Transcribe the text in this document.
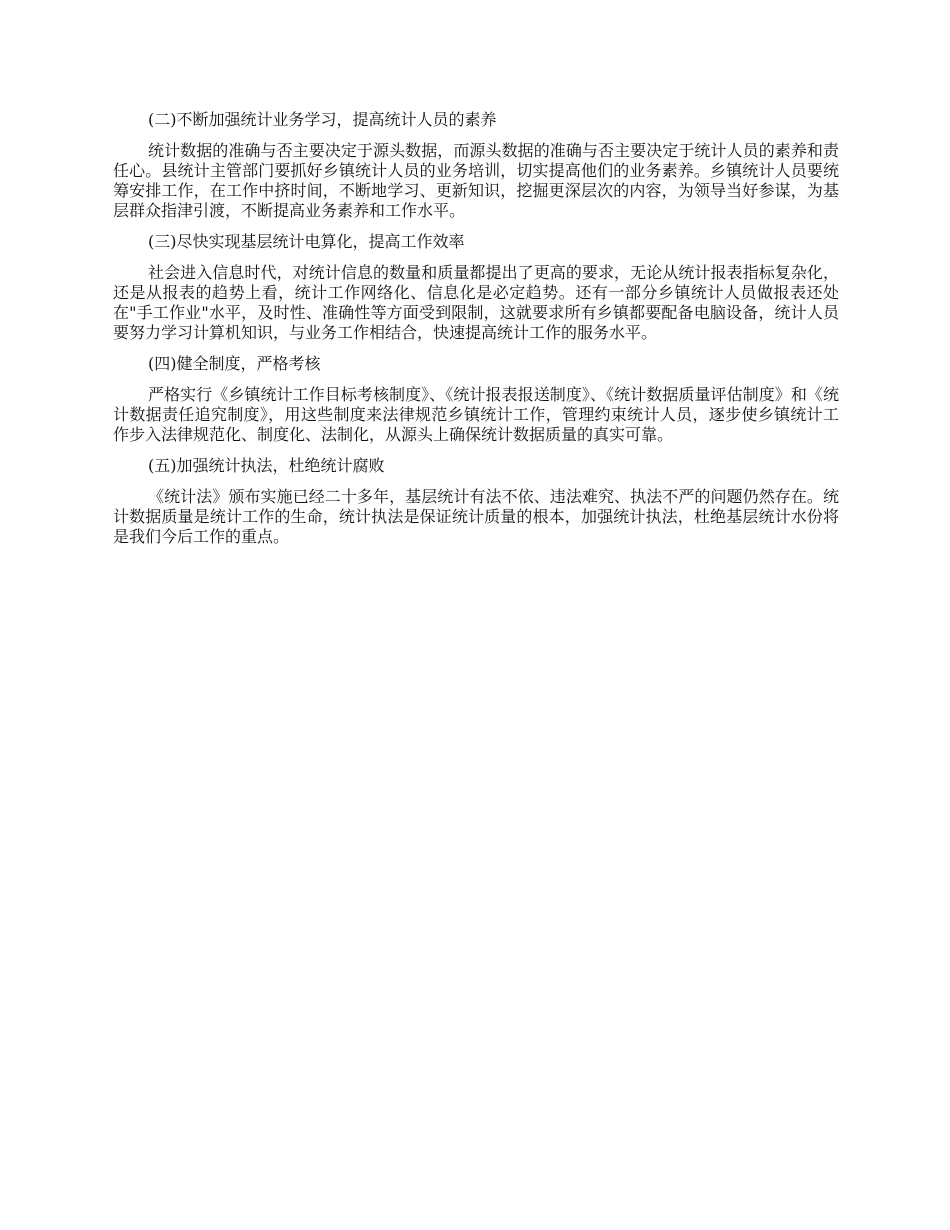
(二)不断加强统计业务学习，提高统计人员的素养

统计数据的准确与否主要决定于源头数据，而源头数据的准确与否主要决定于统计人员的素养和责任心。县统计主管部门要抓好乡镇统计人员的业务培训，切实提高他们的业务素养。乡镇统计人员要统筹安排工作，在工作中挤时间，不断地学习、更新知识，挖掘更深层次的内容，为领导当好参谋，为基层群众指津引渡，不断提高业务素养和工作水平。

(三)尽快实现基层统计电算化，提高工作效率

社会进入信息时代，对统计信息的数量和质量都提出了更高的要求，无论从统计报表指标复杂化，还是从报表的趋势上看，统计工作网络化、信息化是必定趋势。还有一部分乡镇统计人员做报表还处在"手工作业"水平，及时性、准确性等方面受到限制，这就要求所有乡镇都要配备电脑设备，统计人员要努力学习计算机知识，与业务工作相结合，快速提高统计工作的服务水平。

(四)健全制度，严格考核

严格实行《乡镇统计工作目标考核制度》、《统计报表报送制度》、《统计数据质量评估制度》和《统计数据责任追究制度》，用这些制度来法律规范乡镇统计工作，管理约束统计人员，逐步使乡镇统计工作步入法律规范化、制度化、法制化，从源头上确保统计数据质量的真实可靠。

(五)加强统计执法，杜绝统计腐败

《统计法》颁布实施已经二十多年，基层统计有法不依、违法难究、执法不严的问题仍然存在。统计数据质量是统计工作的生命，统计执法是保证统计质量的根本，加强统计执法，杜绝基层统计水份将是我们今后工作的重点。
